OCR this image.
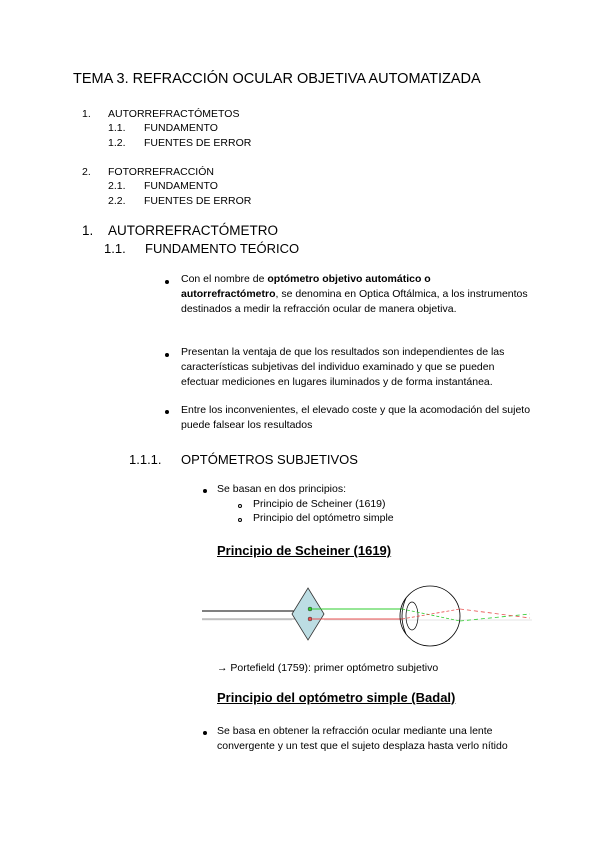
TEMA 3. REFRACCIÓN OCULAR OBJETIVA AUTOMATIZADA
1. AUTORREFRACTÓMETOS
1.1. FUNDAMENTO
1.2. FUENTES DE ERROR
2. FOTORREFRACCIÓN
2.1. FUNDAMENTO
2.2. FUENTES DE ERROR
1. AUTORREFRACTÓMETRO
1.1. FUNDAMENTO TEÓRICO
Con el nombre de optómetro objetivo automático o autorrefractómetro, se denomina en Optica Oftálmica, a los instrumentos destinados a medir la refracción ocular de manera objetiva.
Presentan la ventaja de que los resultados son independientes de las características subjetivas del individuo examinado y que se pueden efectuar mediciones en lugares iluminados y de forma instantánea.
Entre los inconvenientes, el elevado coste y que la acomodación del sujeto puede falsear los resultados
1.1.1. OPTÓMETROS SUBJETIVOS
Se basan en dos principios:
Principio de Scheiner (1619)
Principio del optómetro simple
Principio de Scheiner (1619)
→ Portefield (1759): primer optómetro subjetivo
Principio del optómetro simple (Badal)
Se basa en obtener la refracción ocular mediante una lente convergente y un test que el sujeto desplaza hasta verlo nítido
